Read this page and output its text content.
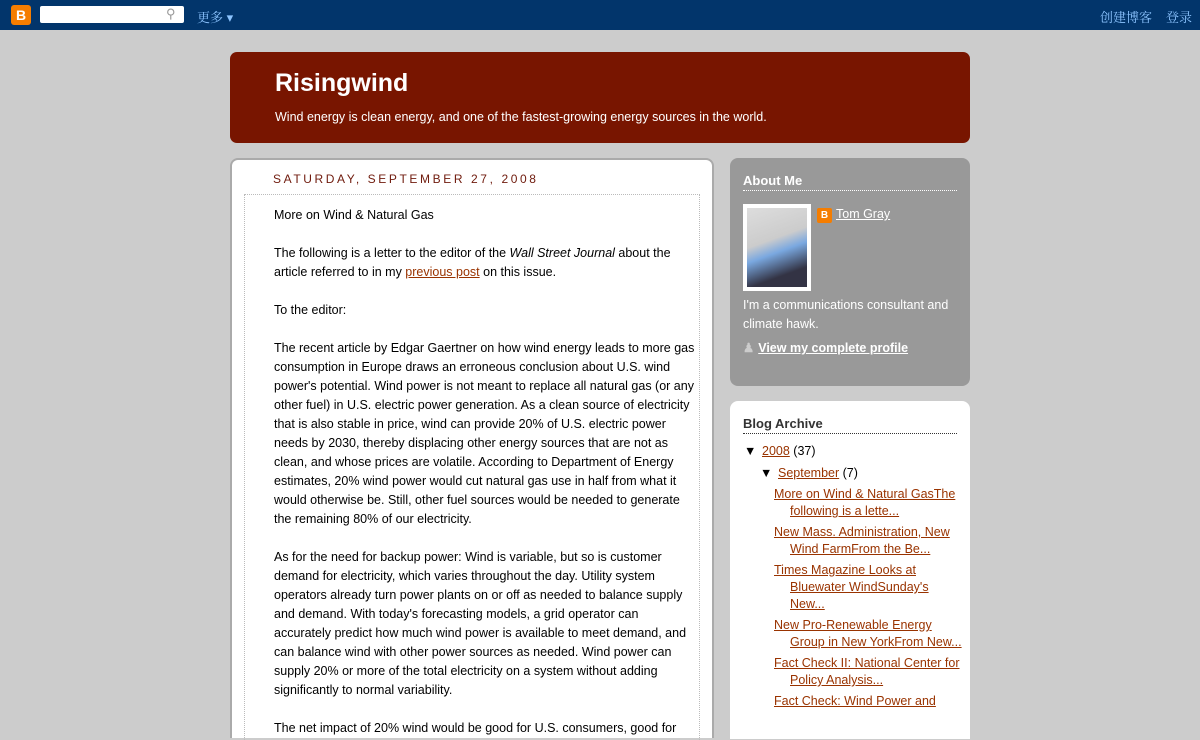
B	⚲ 更多 ▾	创建博客 登录
Risingwind

Wind energy is clean energy, and one of the fastest-growing energy sources in the world.

SATURDAY, SEPTEMBER 27, 2008
More on Wind & Natural Gas

The following is a letter to the editor of the Wall Street Journal about the article referred to in my previous post on this issue.

To the editor:

The recent article by Edgar Gaertner on how wind energy leads to more gas consumption in Europe draws an erroneous conclusion about U.S. wind power's potential. Wind power is not meant to replace all natural gas (or any other fuel) in U.S. electric power generation. As a clean source of electricity that is also stable in price, wind can provide 20% of U.S. electric power needs by 2030, thereby displacing other energy sources that are not as clean, and whose prices are volatile. According to Department of Energy estimates, 20% wind power would cut natural gas use in half from what it would otherwise be. Still, other fuel sources would be needed to generate the remaining 80% of our electricity.

As for the need for backup power: Wind is variable, but so is customer demand for electricity, which varies throughout the day. Utility system operators already turn power plants on or off as needed to balance supply and demand. With today's forecasting models, a grid operator can accurately predict how much wind power is available to meet demand, and can balance wind with other power sources as needed. Wind power can supply 20% or more of the total electricity on a system without adding significantly to normal variability.

The net impact of 20% wind would be good for U.S. consumers, good for

About Me
B Tom Gray
I'm a communications consultant and climate hawk.
♟ View my complete profile
Blog Archive
▼ 2008 (37)
▼ September (7)
More on Wind & Natural GasThe following is a lette...
New Mass. Administration, New Wind FarmFrom the Be...
Times Magazine Looks at Bluewater WindSunday's New...
New Pro-Renewable Energy Group in New YorkFrom New...
Fact Check II: National Center for Policy Analysis...
Fact Check: Wind Power and
